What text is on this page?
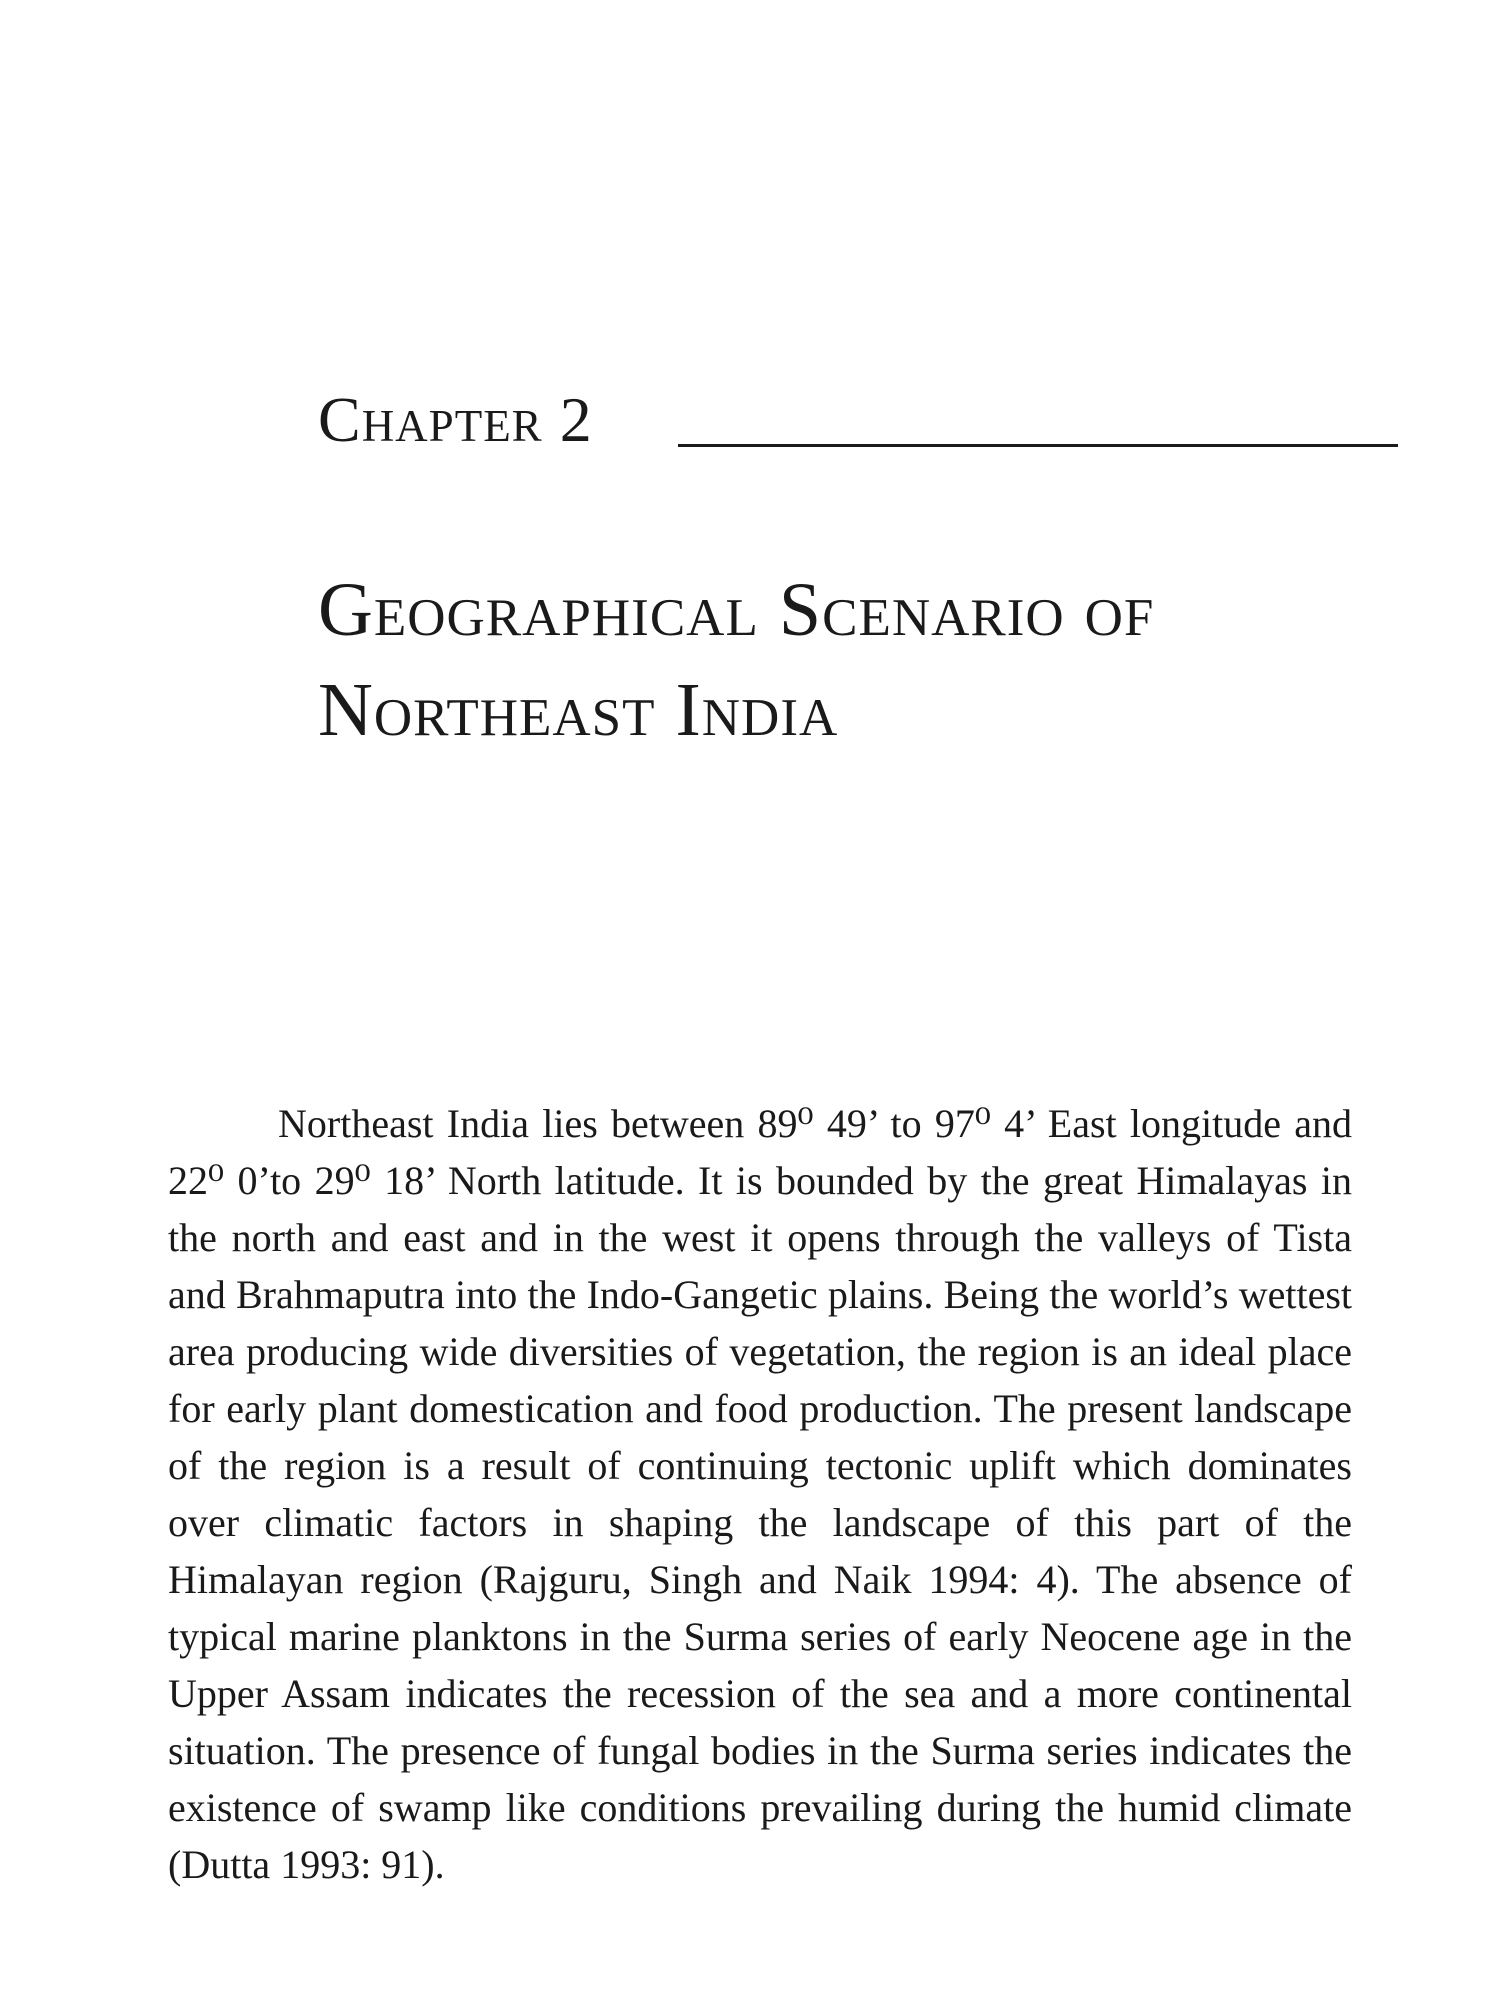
Chapter 2
Geographical Scenario of
Northeast India

Northeast India lies between 89⁰ 49’ to 97⁰ 4’ East longitude and 22⁰ 0’to 29⁰ 18’ North latitude. It is bounded by the great Himalayas in the north and east and in the west it opens through the valleys of Tista and Brahmaputra into the Indo-Gangetic plains. Being the world’s wettest area producing wide diversities of vegetation, the region is an ideal place for early plant domestication and food production. The present landscape of the region is a result of continuing tectonic uplift which dominates over climatic factors in shaping the landscape of this part of the Himalayan region (Rajguru, Singh and Naik 1994: 4). The absence of typical marine planktons in the Surma series of early Neocene age in the Upper Assam indicates the recession of the sea and a more continental situation. The presence of fungal bodies in the Surma series indicates the existence of swamp like conditions prevailing during the humid climate (Dutta 1993: 91).
